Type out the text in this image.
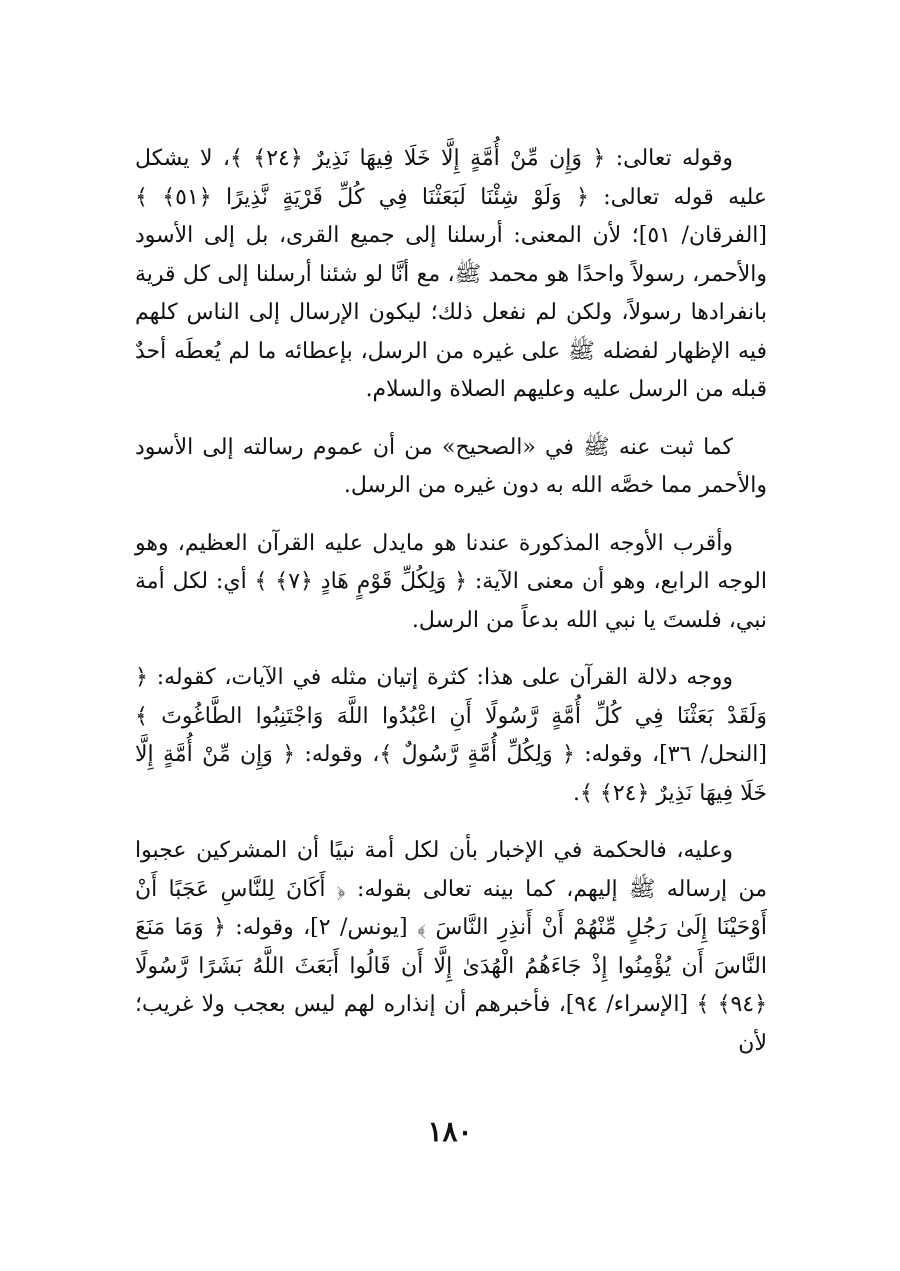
وقوله تعالى: ﴿ وَإِن مِّنْ أُمَّةٍ إِلَّا خَلَا فِيهَا نَذِيرٌ ﴿٢٤﴾ ﴾، لا يشكل عليه قوله تعالى: ﴿ وَلَوْ شِئْنَا لَبَعَثْنَا فِي كُلِّ قَرْيَةٍ نَّذِيرًا ﴿٥١﴾ ﴾ [الفرقان/ ٥١]؛ لأن المعنى: أرسلنا إلى جميع القرى، بل إلى الأسود والأحمر، رسولاً واحدًا هو محمد ﷺ، مع أنَّا لو شئنا أرسلنا إلى كل قرية بانفرادها رسولاً، ولكن لم نفعل ذلك؛ ليكون الإرسال إلى الناس كلهم فيه الإظهار لفضله ﷺ على غيره من الرسل، بإعطائه ما لم يُعطَه أحدٌ قبله من الرسل عليه وعليهم الصلاة والسلام.

كما ثبت عنه ﷺ في «الصحيح» من أن عموم رسالته إلى الأسود والأحمر مما خصَّه الله به دون غيره من الرسل.

وأقرب الأوجه المذكورة عندنا هو مايدل عليه القرآن العظيم، وهو الوجه الرابع، وهو أن معنى الآية: ﴿ وَلِكُلِّ قَوْمٍ هَادٍ ﴿٧﴾ ﴾ أي: لكل أمة نبي، فلستَ يا نبي الله بدعاً من الرسل.

ووجه دلالة القرآن على هذا: كثرة إتيان مثله في الآيات، كقوله: ﴿ وَلَقَدْ بَعَثْنَا فِي كُلِّ أُمَّةٍ رَّسُولًا أَنِ اعْبُدُوا اللَّهَ وَاجْتَنِبُوا الطَّاغُوتَ ﴾ [النحل/ ٣٦]، وقوله: ﴿ وَلِكُلِّ أُمَّةٍ رَّسُولٌ ﴾، وقوله: ﴿ وَإِن مِّنْ أُمَّةٍ إِلَّا خَلَا فِيهَا نَذِيرٌ ﴿٢٤﴾ ﴾.

وعليه، فالحكمة في الإخبار بأن لكل أمة نبيًا أن المشركين عجبوا من إرساله ﷺ إليهم، كما بينه تعالى بقوله: ﴿ أَكَانَ لِلنَّاسِ عَجَبًا أَنْ أَوْحَيْنَا إِلَىٰ رَجُلٍ مِّنْهُمْ أَنْ أَنذِرِ النَّاسَ ﴾ [يونس/ ٢]، وقوله: ﴿ وَمَا مَنَعَ النَّاسَ أَن يُؤْمِنُوا إِذْ جَاءَهُمُ الْهُدَىٰ إِلَّا أَن قَالُوا أَبَعَثَ اللَّهُ بَشَرًا رَّسُولًا ﴿٩٤﴾ ﴾ [الإسراء/ ٩٤]، فأخبرهم أن إنذاره لهم ليس بعجب ولا غريب؛ لأن

١٨٠
